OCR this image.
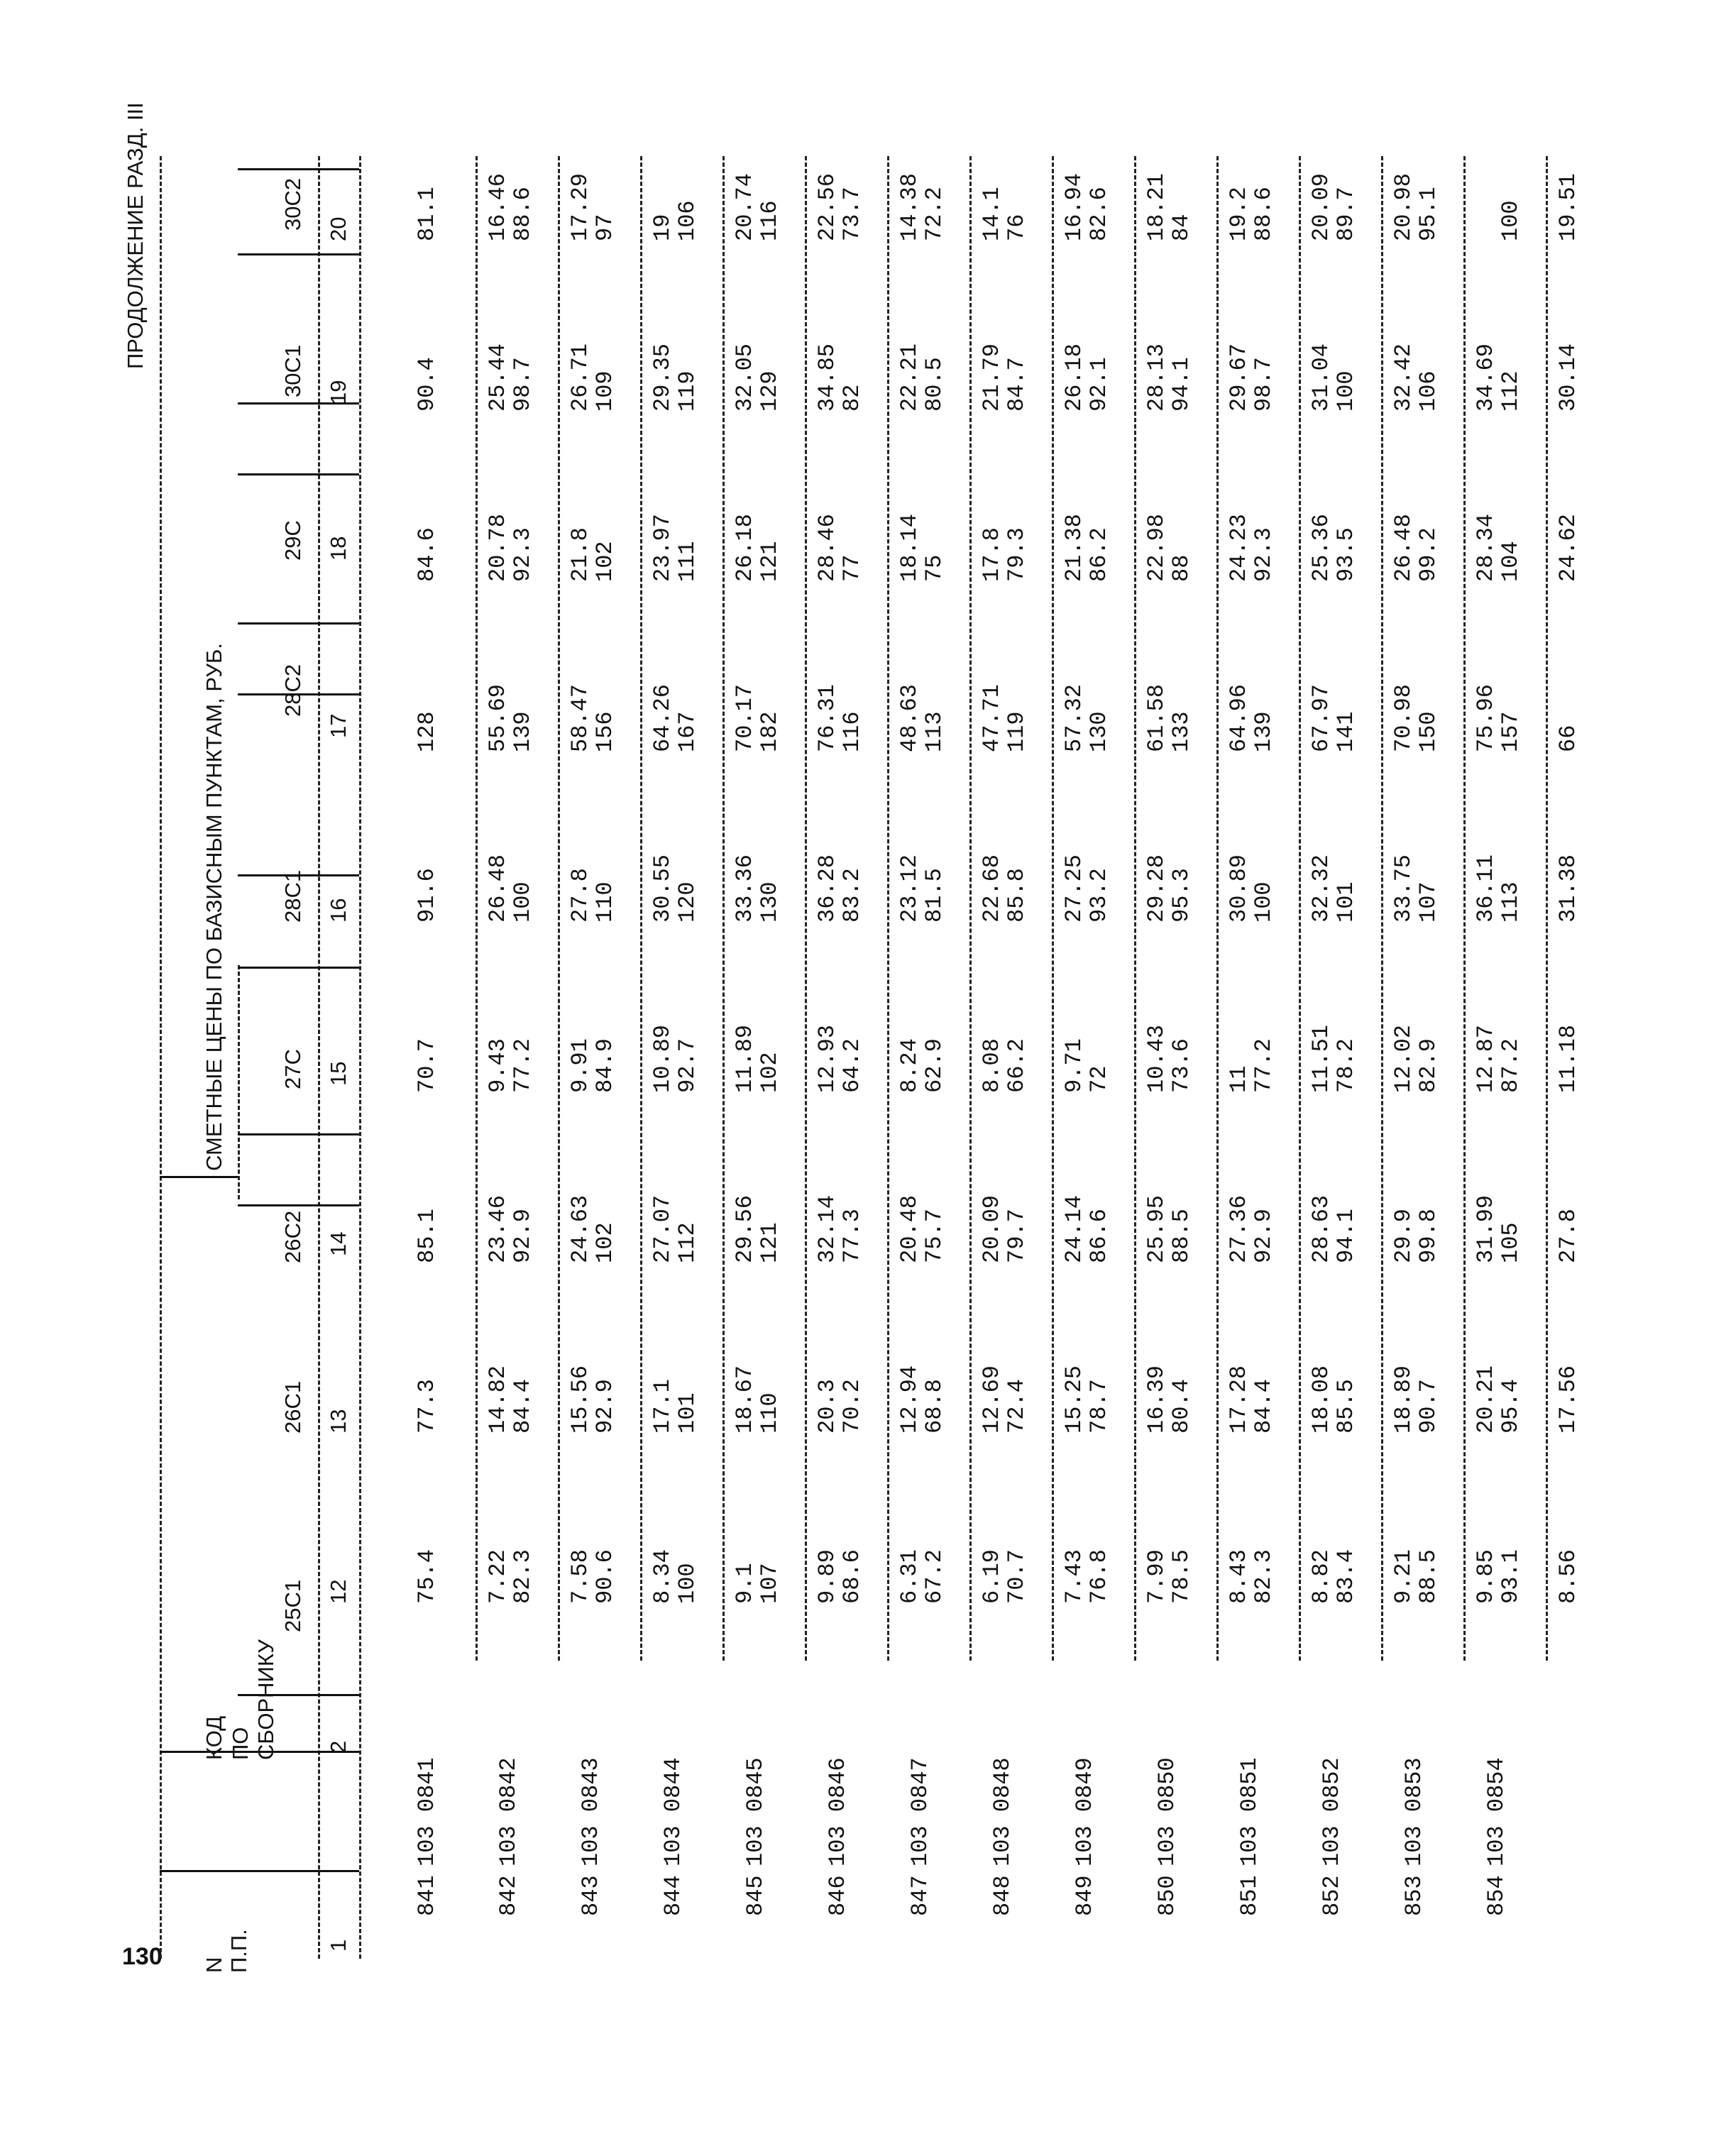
130
ПРОДОЛЖЕНИЕ РАЗД. III
N П.П.
КОД ПО СБОРНИКУ
СМЕТНЫЕ ЦЕНЫ ПО БАЗИСНЫМ ПУНКТАМ, РУБ.
25С1
26С1
26С2
27С
28С1
28С2
29С
30С1
30С2
1
2
12
13
14
15
16
17
18
19
20
841
103 0841
75.4
77.3
85.1
70.7
91.6
128
84.6
90.4
81.1
842
103 0842
7.22
14.82
23.46
9.43
26.48
55.69
20.78
25.44
16.46
82.3
84.4
92.9
77.2
100
139
92.3
98.7
88.6
843
103 0843
7.58
15.56
24.63
9.91
27.8
58.47
21.8
26.71
17.29
90.6
92.9
102
84.9
110
156
102
109
97
844
103 0844
8.34
17.1
27.07
10.89
30.55
64.26
23.97
29.35
19
100
101
112
92.7
120
167
111
119
106
845
103 0845
9.1
18.67
29.56
11.89
33.36
70.17
26.18
32.05
20.74
107
110
121
102
130
182
121
129
116
846
103 0846
9.89
20.3
32.14
12.93
36.28
76.31
28.46
34.85
22.56
68.6
70.2
77.3
64.2
83.2
116
77
82
73.7
847
103 0847
6.31
12.94
20.48
8.24
23.12
48.63
18.14
22.21
14.38
67.2
68.8
75.7
62.9
81.5
113
75
80.5
72.2
848
103 0848
6.19
12.69
20.09
8.08
22.68
47.71
17.8
21.79
14.1
70.7
72.4
79.7
66.2
85.8
119
79.3
84.7
76
849
103 0849
7.43
15.25
24.14
9.71
27.25
57.32
21.38
26.18
16.94
76.8
78.7
86.6
72
93.2
130
86.2
92.1
82.6
850
103 0850
7.99
16.39
25.95
10.43
29.28
61.58
22.98
28.13
18.21
78.5
80.4
88.5
73.6
95.3
133
88
94.1
84
851
103 0851
8.43
17.28
27.36
11
30.89
64.96
24.23
29.67
19.2
82.3
84.4
92.9
77.2
100
139
92.3
98.7
88.6
852
103 0852
8.82
18.08
28.63
11.51
32.32
67.97
25.36
31.04
20.09
83.4
85.5
94.1
78.2
101
141
93.5
100
89.7
853
103 0853
9.21
18.89
29.9
12.02
33.75
70.98
26.48
32.42
20.98
88.5
90.7
99.8
82.9
107
150
99.2
106
95.1
854
103 0854
9.85
20.21
31.99
12.87
36.11
75.96
28.34
34.69
93.1
95.4
105
87.2
113
157
104
112
100
8.56
17.56
27.8
11.18
31.38
66
24.62
30.14
19.51
